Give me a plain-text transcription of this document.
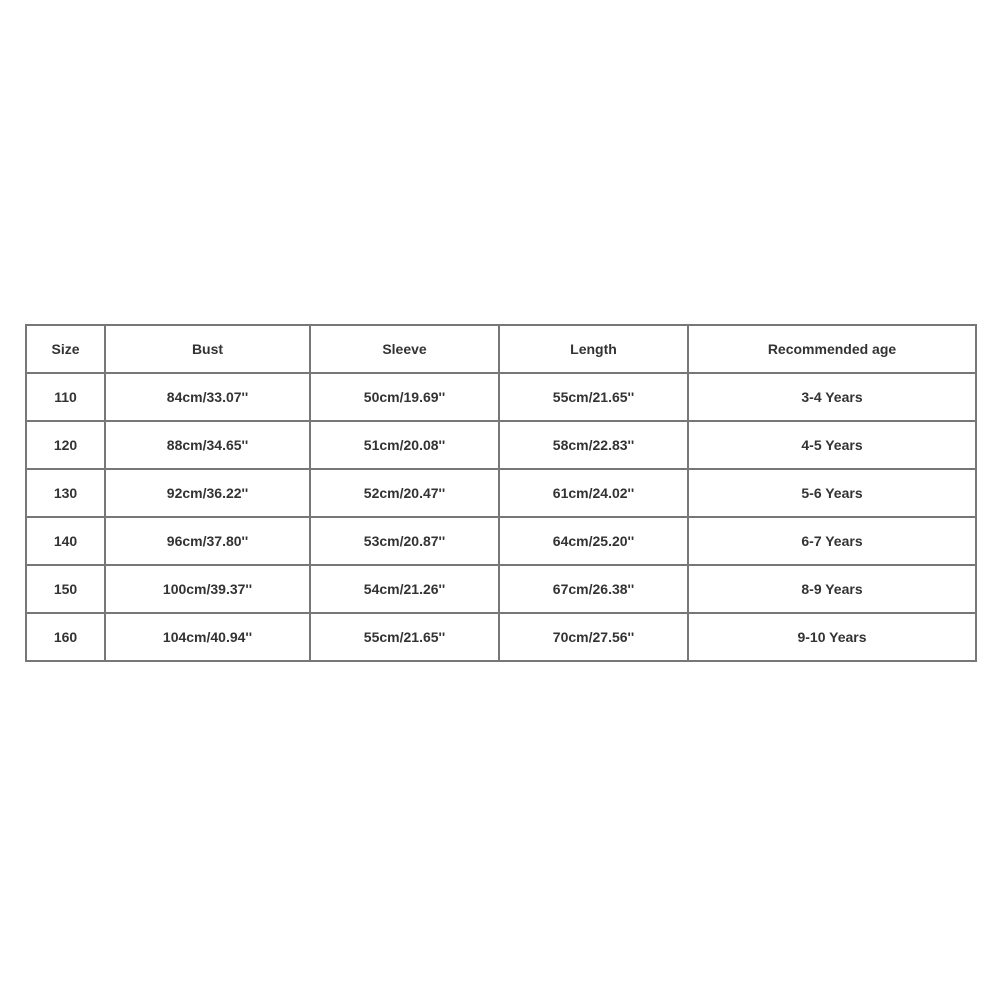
Size	Bust	Sleeve	Length	Recommended age
110	84cm/33.07''	50cm/19.69''	55cm/21.65''	3-4 Years
120	88cm/34.65''	51cm/20.08''	58cm/22.83''	4-5 Years
130	92cm/36.22''	52cm/20.47''	61cm/24.02''	5-6 Years
140	96cm/37.80''	53cm/20.87''	64cm/25.20''	6-7 Years
150	100cm/39.37''	54cm/21.26''	67cm/26.38''	8-9 Years
160	104cm/40.94''	55cm/21.65''	70cm/27.56''	9-10 Years
